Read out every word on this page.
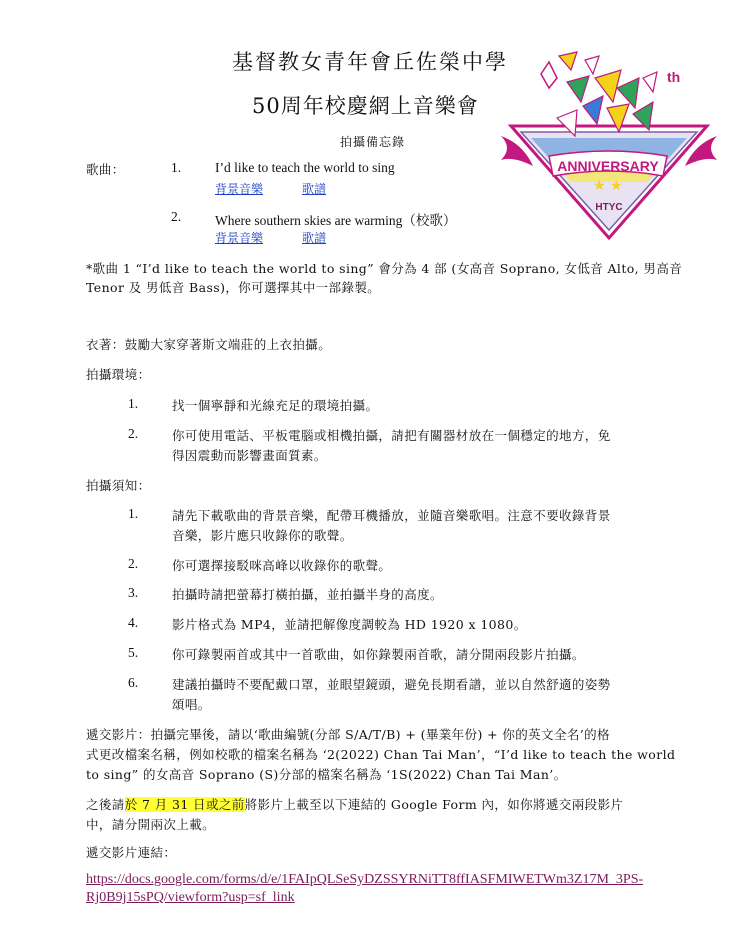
基督教女青年會丘佐榮中學
50周年校慶網上音樂會
拍攝備忘錄
ANNIVERSARY
★ ★
HTYC
th
歌曲：	1.	I’d like to teach the world to sing
背景音樂	歌譜
2.	Where southern skies are warming（校歌）
背景音樂	歌譜
*歌曲 1 “I’d like to teach the world to sing” 會分為 4 部 (女高音 Soprano, 女低音 Alto, 男高音
Tenor 及 男低音 Bass)，你可選擇其中一部錄製。
衣著：鼓勵大家穿著斯文端莊的上衣拍攝。
拍攝環境：
1.	找一個寧靜和光線充足的環境拍攝。
2.	你可使用電話、平板電腦或相機拍攝，請把有關器材放在一個穩定的地方，免
得因震動而影響畫面質素。
拍攝須知：
1.	請先下載歌曲的背景音樂，配帶耳機播放，並隨音樂歌唱。注意不要收錄背景
音樂，影片應只收錄你的歌聲。
2.	你可選擇接駁咪高峰以收錄你的歌聲。
3.	拍攝時請把螢幕打橫拍攝，並拍攝半身的高度。
4.	影片格式為 MP4，並請把解像度調較為 HD 1920 x 1080。
5.	你可錄製兩首或其中一首歌曲，如你錄製兩首歌，請分開兩段影片拍攝。
6.	建議拍攝時不要配戴口罩，並眼望鏡頭，避免長期看譜，並以自然舒適的姿勢
頌唱。
遞交影片：拍攝完畢後，請以‘歌曲編號(分部 S/A/T/B) + (畢業年份) + 你的英文全名’的格
式更改檔案名稱，例如校歌的檔案名稱為 ‘2(2022) Chan Tai Man’，“I’d like to teach the world
to sing” 的女高音 Soprano (S)分部的檔案名稱為 ‘1S(2022) Chan Tai Man’。
之後請於 7 月 31 日或之前將影片上載至以下連結的 Google Form 內，如你將遞交兩段影片
中，請分開兩次上載。
遞交影片連結：
https://docs.google.com/forms/d/e/1FAIpQLSeSyDZSSYRNiTT8ffIASFMIWETWm3Z17M_3PS-
Rj0B9j15sPQ/viewform?usp=sf_link
